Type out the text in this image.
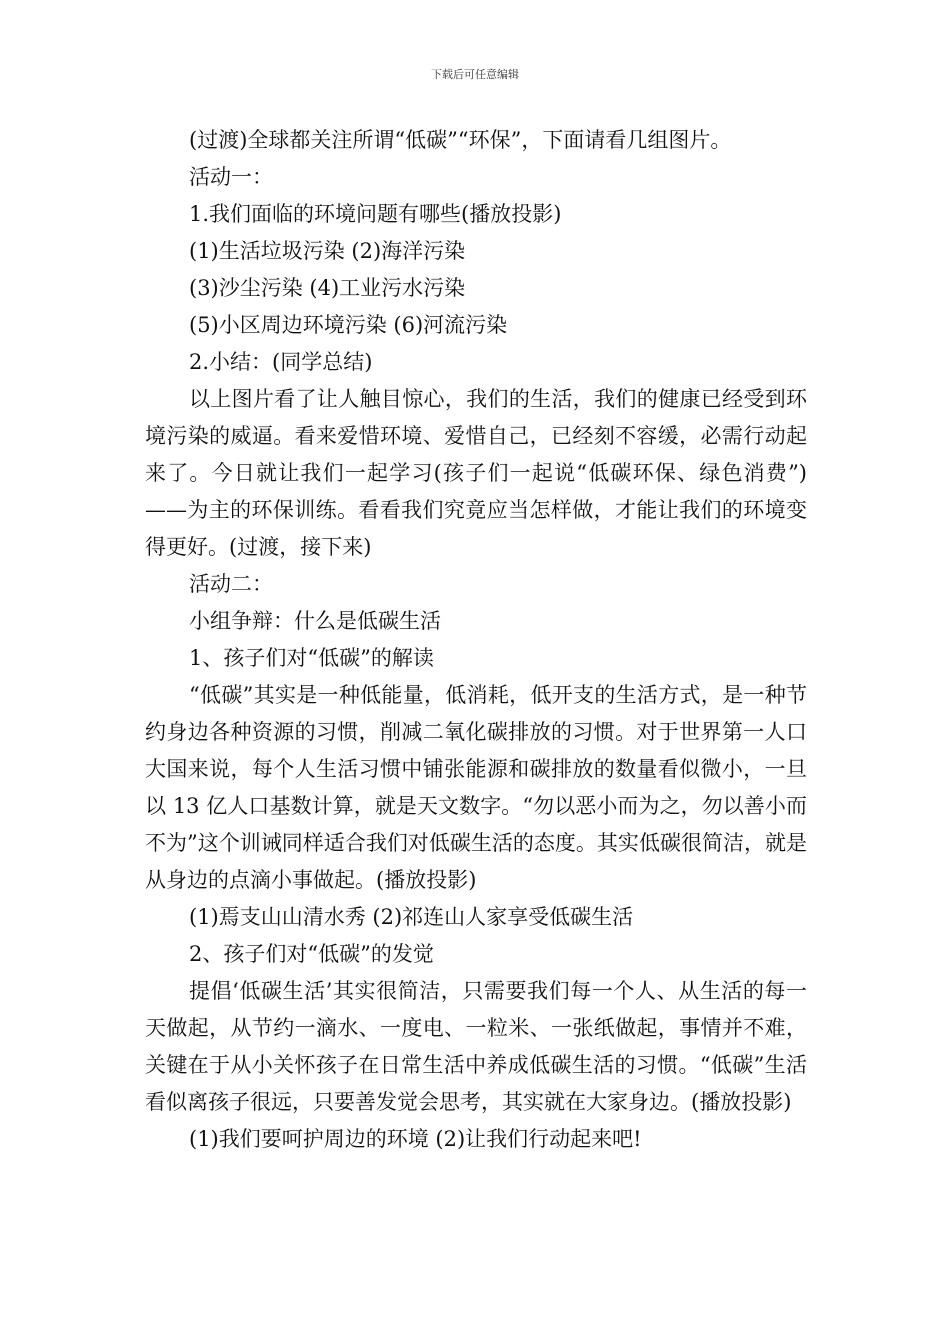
下载后可任意编辑
(过渡)全球都关注所谓“低碳”“环保”，下面请看几组图片。
活动一：
1.我们面临的环境问题有哪些(播放投影)
(1)生活垃圾污染 (2)海洋污染
(3)沙尘污染 (4)工业污水污染
(5)小区周边环境污染 (6)河流污染
2.小结：(同学总结)

以上图片看了让人触目惊心，我们的生活，我们的健康已经受到环境污染的威逼。看来爱惜环境、爱惜自己，已经刻不容缓，必需行动起来了。今日就让我们一起学习(孩子们一起说“低碳环保、绿色消费”)——为主的环保训练。看看我们究竟应当怎样做，才能让我们的环境变得更好。(过渡，接下来)

活动二：
小组争辩：什么是低碳生活
1、孩子们对“低碳”的解读

“低碳”其实是一种低能量，低消耗，低开支的生活方式，是一种节约身边各种资源的习惯，削减二氧化碳排放的习惯。对于世界第一人口大国来说，每个人生活习惯中铺张能源和碳排放的数量看似微小，一旦以 13 亿人口基数计算，就是天文数字。“勿以恶小而为之，勿以善小而不为”这个训诫同样适合我们对低碳生活的态度。其实低碳很简洁，就是从身边的点滴小事做起。(播放投影)

(1)焉支山山清水秀 (2)祁连山人家享受低碳生活
2、孩子们对“低碳”的发觉

提倡‘低碳生活’其实很简洁，只需要我们每一个人、从生活的每一天做起，从节约一滴水、一度电、一粒米、一张纸做起，事情并不难，关键在于从小关怀孩子在日常生活中养成低碳生活的习惯。“低碳”生活看似离孩子很远，只要善发觉会思考，其实就在大家身边。(播放投影)

(1)我们要呵护周边的环境 (2)让我们行动起来吧!
